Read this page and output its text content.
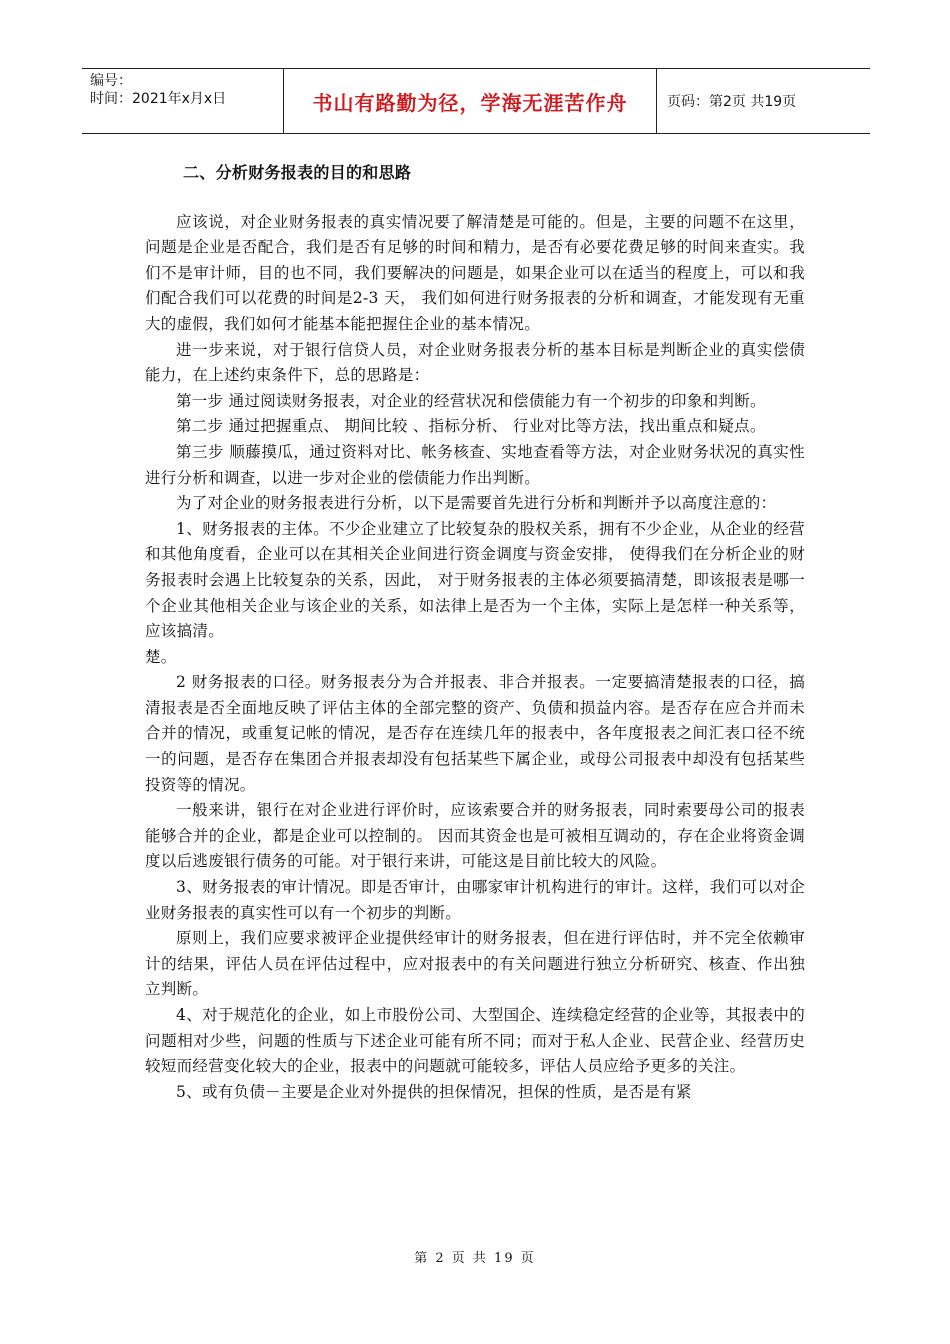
编号：
时间：2021年x月x日	书山有路勤为径，学海无涯苦作舟	页码：第2页 共19页
二、分析财务报表的目的和思路

应该说，对企业财务报表的真实情况要了解清楚是可能的。但是，主要的问题不在这里，问题是企业是否配合，我们是否有足够的时间和精力，是否有必要花费足够的时间来查实。我们不是审计师，目的也不同，我们要解决的问题是，如果企业可以在适当的程度上，可以和我们配合我们可以花费的时间是2-3 天， 我们如何进行财务报表的分析和调查，才能发现有无重大的虚假，我们如何才能基本能把握住企业的基本情况。

进一步来说，对于银行信贷人员，对企业财务报表分析的基本目标是判断企业的真实偿债能力，在上述约束条件下，总的思路是：

第一步 通过阅读财务报表，对企业的经营状况和偿债能力有一个初步的印象和判断。

第二步 通过把握重点、 期间比较 、指标分析、 行业对比等方法，找出重点和疑点。

第三步 顺藤摸瓜，通过资料对比、帐务核查、实地查看等方法，对企业财务状况的真实性进行分析和调查，以进一步对企业的偿债能力作出判断。

为了对企业的财务报表进行分析，以下是需要首先进行分析和判断并予以高度注意的：

1、财务报表的主体。不少企业建立了比较复杂的股权关系，拥有不少企业，从企业的经营和其他角度看，企业可以在其相关企业间进行资金调度与资金安排， 使得我们在分析企业的财务报表时会遇上比较复杂的关系，因此， 对于财务报表的主体必须要搞清楚，即该报表是哪一个企业其他相关企业与该企业的关系，如法律上是否为一个主体，实际上是怎样一种关系等， 应该搞清。

楚。

2 财务报表的口径。财务报表分为合并报表、非合并报表。一定要搞清楚报表的口径，搞清报表是否全面地反映了评估主体的全部完整的资产、负债和损益内容。是否存在应合并而未合并的情况，或重复记帐的情况，是否存在连续几年的报表中，各年度报表之间汇表口径不统一的问题，是否存在集团合并报表却没有包括某些下属企业，或母公司报表中却没有包括某些投资等的情况。

一般来讲，银行在对企业进行评价时，应该索要合并的财务报表，同时索要母公司的报表能够合并的企业，都是企业可以控制的。 因而其资金也是可被相互调动的，存在企业将资金调度以后逃废银行债务的可能。对于银行来讲，可能这是目前比较大的风险。

3、财务报表的审计情况。即是否审计，由哪家审计机构进行的审计。这样，我们可以对企业财务报表的真实性可以有一个初步的判断。

原则上，我们应要求被评企业提供经审计的财务报表，但在进行评估时，并不完全依赖审计的结果，评估人员在评估过程中，应对报表中的有关问题进行独立分析研究、核查、作出独立判断。

4、对于规范化的企业，如上市股份公司、大型国企、连续稳定经营的企业等，其报表中的问题相对少些，问题的性质与下述企业可能有所不同；而对于私人企业、民营企业、经营历史较短而经营变化较大的企业，报表中的问题就可能较多，评估人员应给予更多的关注。

5、或有负债－主要是企业对外提供的担保情况，担保的性质，是否是有紧

第 2 页 共 19 页
